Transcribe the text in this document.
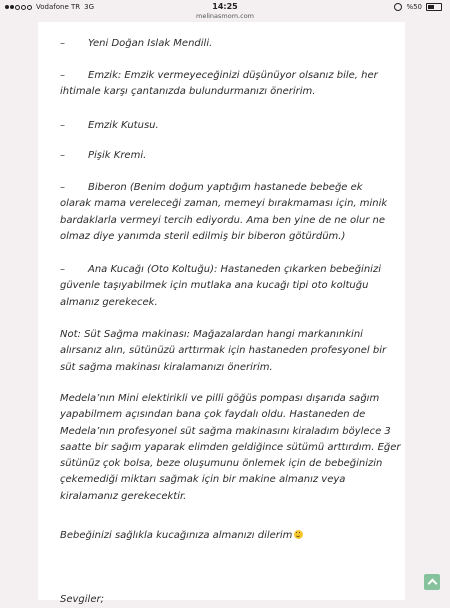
Vodafone TR 3G	14:25
melinasmom.com
%50
– Yeni Doğan Islak Mendili.
– Emzik: Emzik vermeyeceğinizi düşünüyor olsanız bile, her ihtimale karşı çantanızda bulundurmanızı öneririm.
– Emzik Kutusu.
– Pişik Kremi.
– Biberon (Benim doğum yaptığım hastanede bebeğe ek olarak mama vereleceği zaman, memeyi bırakmaması için, minik bardaklarla vermeyi tercih ediyordu. Ama ben yine de ne olur ne olmaz diye yanımda steril edilmiş bir biberon götürdüm.)
– Ana Kucağı (Oto Koltuğu): Hastaneden çıkarken bebeğinizi güvenle taşıyabilmek için mutlaka ana kucağı tipi oto koltuğu almanız gerekecek.
Not: Süt Sağma makinası: Mağazalardan hangi markanınkini alırsanız alın, sütünüzü arttırmak için hastaneden profesyonel bir süt sağma makinası kiralamanızı öneririm.
Medela’nın Mini elektirikli ve pilli göğüs pompası dışarıda sağım yapabilmem açısından bana çok faydalı oldu. Hastaneden de Medela’nın profesyonel süt sağma makinasını kiraladım böylece 3 saatte bir sağım yaparak elimden geldiğince sütümü arttırdım. Eğer sütünüz çok bolsa, beze oluşumunu önlemek için de bebeğinizin çekemediği miktarı sağmak için bir makine almanız veya kiralamanız gerekecektir.
Bebeğinizi sağlıkla kucağınıza almanızı dilerim
Sevgiler;
